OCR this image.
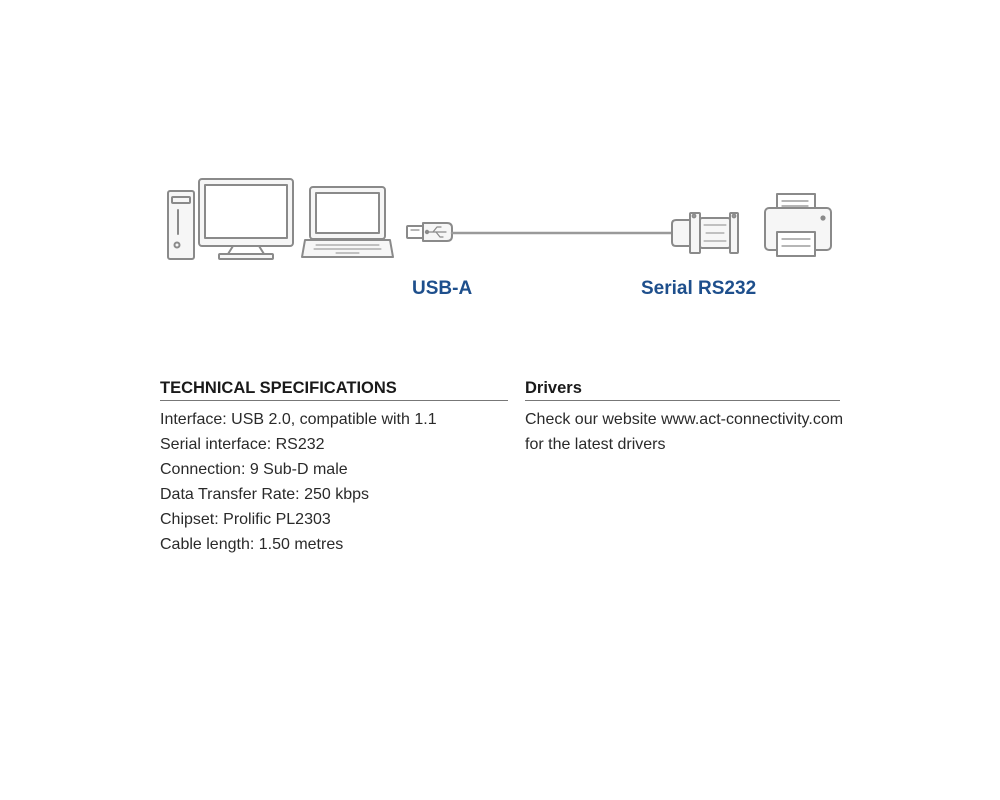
USB-A	Serial RS232
TECHNICAL SPECIFICATIONS
Interface: USB 2.0, compatible with 1.1
Serial interface: RS232
Connection: 9 Sub-D male
Data Transfer Rate: 250 kbps
Chipset: Prolific PL2303
Cable length: 1.50 metres
Drivers
Check our website www.act-connectivity.com
for the latest drivers
